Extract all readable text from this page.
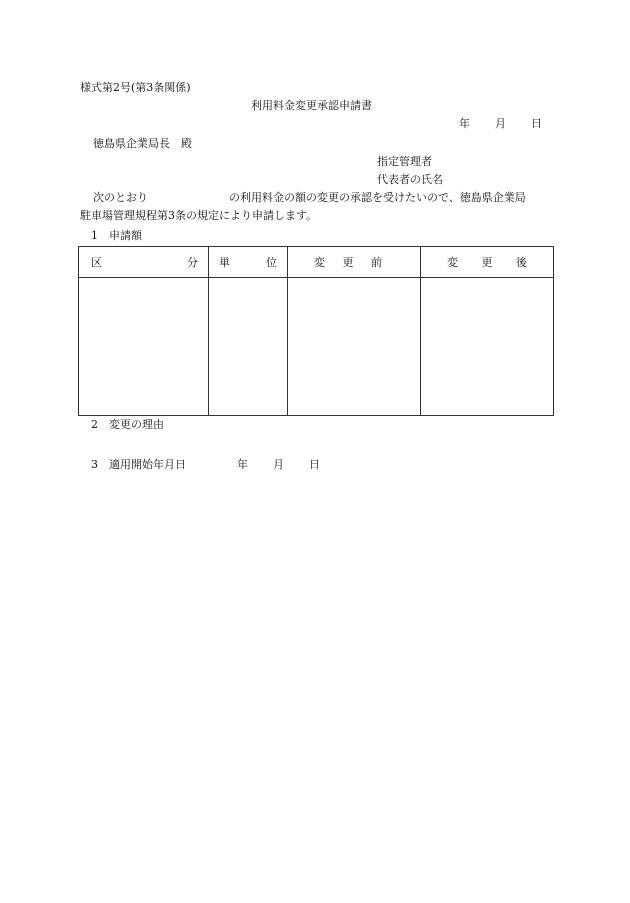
様式第2号(第3条関係)
利用料金変更承認申請書
年 月 日
徳島県企業局長　殿
指定管理者
代表者の氏名
次のとおり	の利用料金の額の変更の承認を受けたいので、徳島県企業局
駐車場管理規程第3条の規定により申請します。
1　申請額
区 分	単 位	変 更 前	変 更 後

2　変更の理由
3　適用開始年月日	年 月 日
